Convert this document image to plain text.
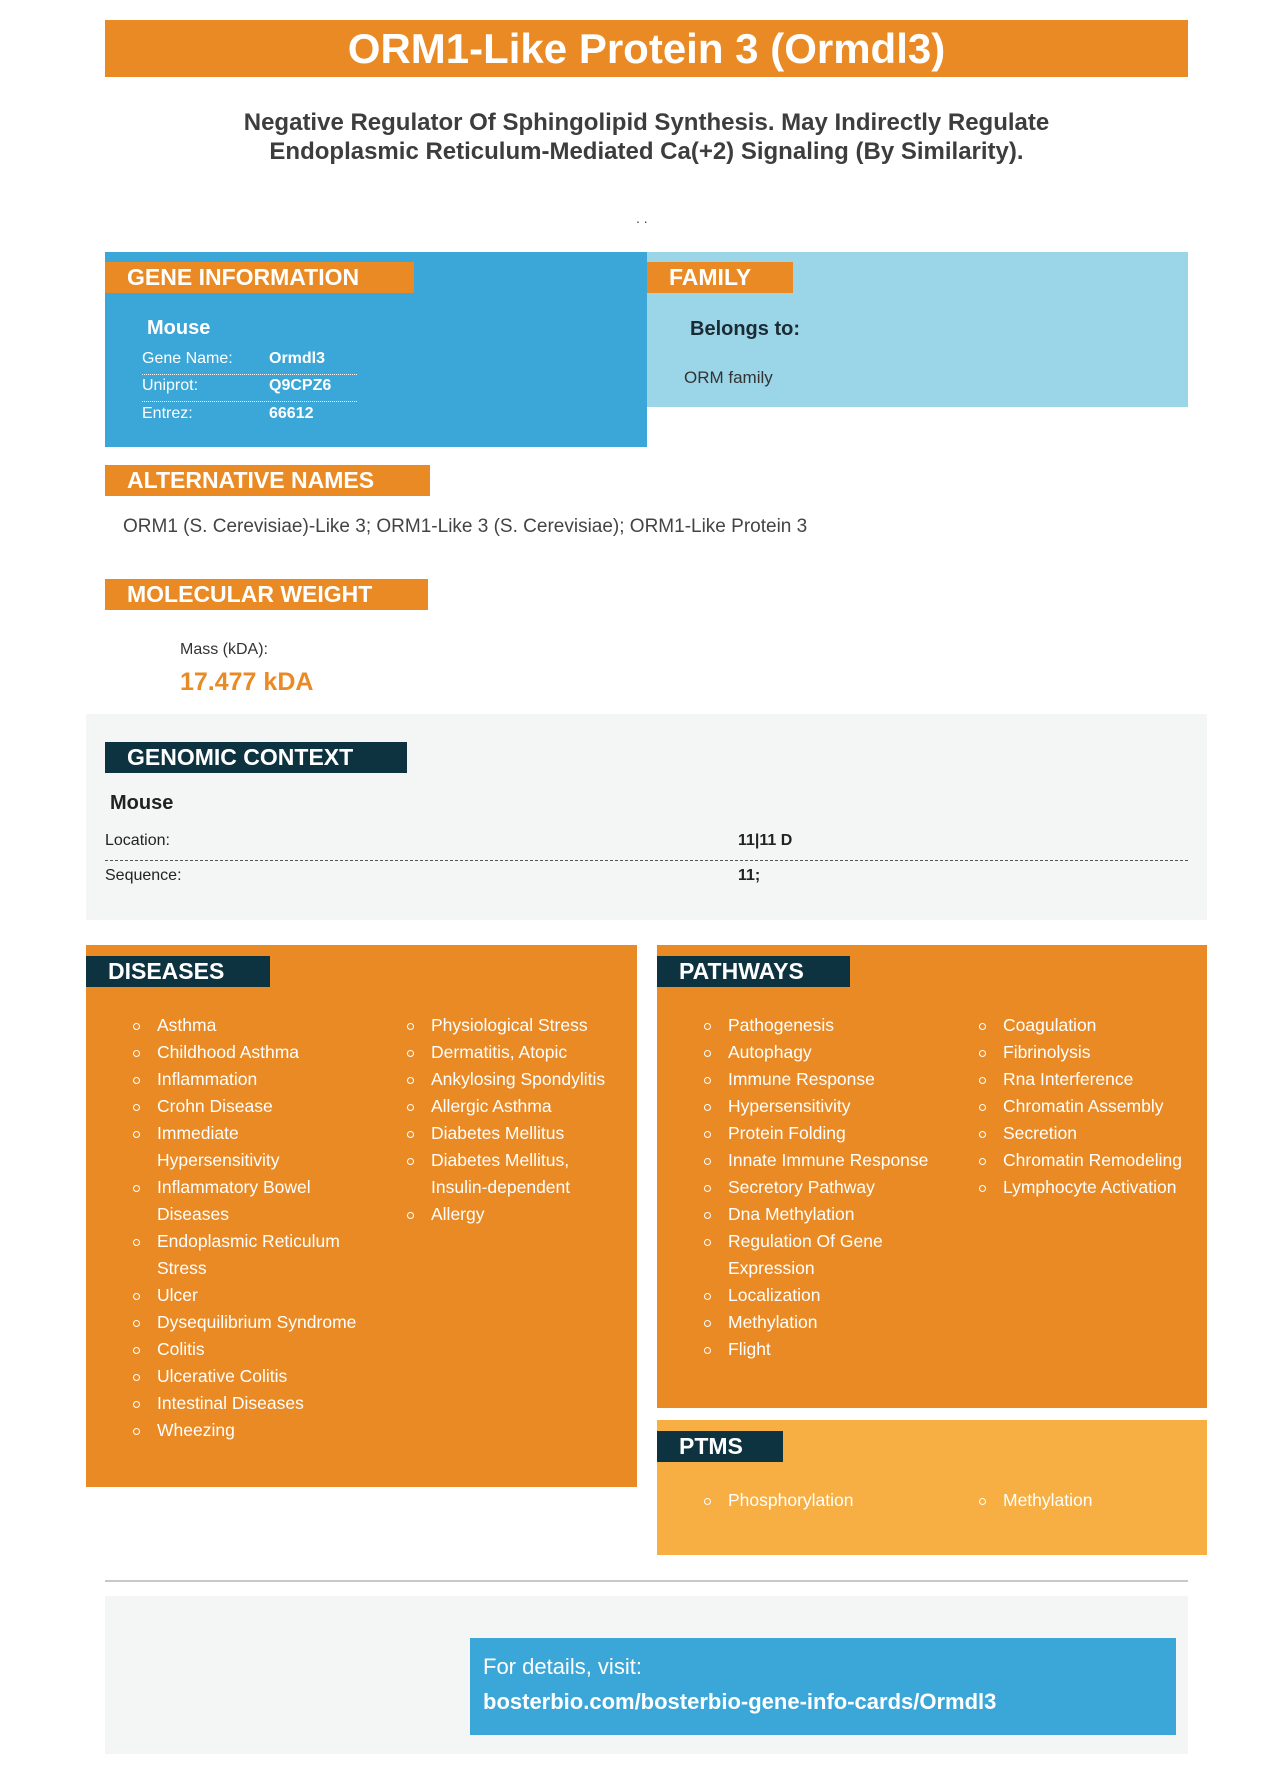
ORM1-Like Protein 3 (Ormdl3)
Negative Regulator Of Sphingolipid Synthesis. May Indirectly Regulate
Endoplasmic Reticulum-Mediated Ca(+2) Signaling (By Similarity).
. .
GENE INFORMATION
Mouse
Gene Name: Ormdl3
Uniprot:	Q9CPZ6
Entrez:	66612
FAMILY
Belongs to:
ORM family
ALTERNATIVE NAMES
ORM1 (S. Cerevisiae)-Like 3; ORM1-Like 3 (S. Cerevisiae); ORM1-Like Protein 3
MOLECULAR WEIGHT
Mass (kDA):
17.477 kDA
GENOMIC CONTEXT
Mouse
Location:	11|11 D
Sequence:	11;
DISEASES
Asthma
Childhood Asthma
Inflammation
Crohn Disease
Immediate Hypersensitivity
Inflammatory Bowel Diseases
Endoplasmic Reticulum Stress
Ulcer
Dysequilibrium Syndrome
Colitis
Ulcerative Colitis
Intestinal Diseases
Wheezing
Physiological Stress
Dermatitis, Atopic
Ankylosing Spondylitis
Allergic Asthma
Diabetes Mellitus
Diabetes Mellitus, Insulin-dependent
Allergy
PATHWAYS
Pathogenesis
Autophagy
Immune Response
Hypersensitivity
Protein Folding
Innate Immune Response
Secretory Pathway
Dna Methylation
Regulation Of Gene Expression
Localization
Methylation
Flight
Coagulation
Fibrinolysis
Rna Interference
Chromatin Assembly
Secretion
Chromatin Remodeling
Lymphocyte Activation
PTMS
Phosphorylation	Methylation
For details, visit:
bosterbio.com/bosterbio-gene-info-cards/Ormdl3
